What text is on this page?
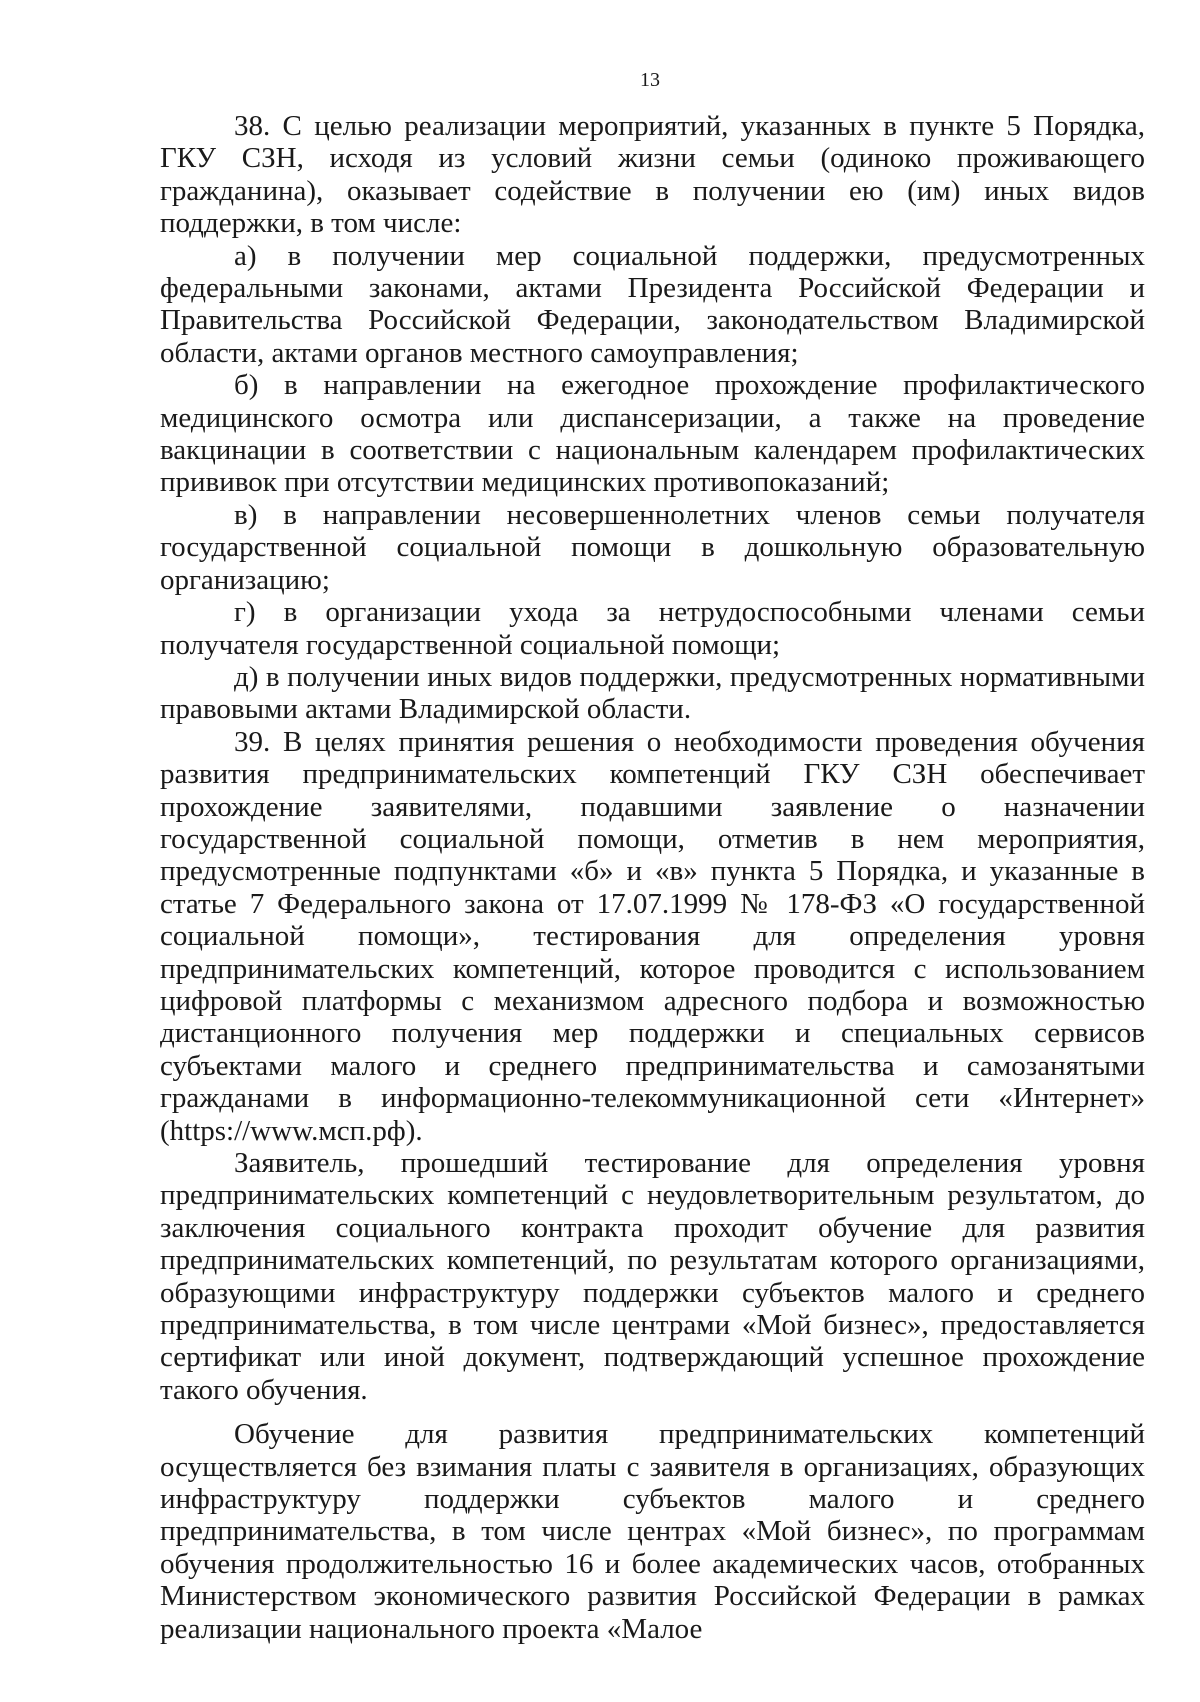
13

38. С целью реализации мероприятий, указанных в пункте 5 Порядка, ГКУ СЗН, исходя из условий жизни семьи (одиноко проживающего гражданина), оказывает содействие в получении ею (им) иных видов поддержки, в том числе:

а) в получении мер социальной поддержки, предусмотренных федеральными законами, актами Президента Российской Федерации и Правительства Российской Федерации, законодательством Владимирской области, актами органов местного самоуправления;

б) в направлении на ежегодное прохождение профилактического медицинского осмотра или диспансеризации, а также на проведение вакцинации в соответствии с национальным календарем профилактических прививок при отсутствии медицинских противопоказаний;

в) в направлении несовершеннолетних членов семьи получателя государственной социальной помощи в дошкольную образовательную организацию;

г) в организации ухода за нетрудоспособными членами семьи получателя государственной социальной помощи;

д) в получении иных видов поддержки, предусмотренных нормативными правовыми актами Владимирской области.

39. В целях принятия решения о необходимости проведения обучения развития предпринимательских компетенций ГКУ СЗН обеспечивает прохождение заявителями, подавшими заявление о назначении государственной социальной помощи, отметив в нем мероприятия, предусмотренные подпунктами «б» и «в» пункта 5 Порядка, и указанные в статье 7 Федерального закона от 17.07.1999 № 178-ФЗ «О государственной социальной помощи», тестирования для определения уровня предпринимательских компетенций, которое проводится с использованием цифровой платформы с механизмом адресного подбора и возможностью дистанционного получения мер поддержки и специальных сервисов субъектами малого и среднего предпринимательства и самозанятыми гражданами в информационно-телекоммуникационной сети «Интернет» (https://www.мсп.рф).

Заявитель, прошедший тестирование для определения уровня предпринимательских компетенций с неудовлетворительным результатом, до заключения социального контракта проходит обучение для развития предпринимательских компетенций, по результатам которого организациями, образующими инфраструктуру поддержки субъектов малого и среднего предпринимательства, в том числе центрами «Мой бизнес», предоставляется сертификат или иной документ, подтверждающий успешное прохождение такого обучения.

Обучение для развития предпринимательских компетенций осуществляется без взимания платы с заявителя в организациях, образующих инфраструктуру поддержки субъектов малого и среднего предпринимательства, в том числе центрах «Мой бизнес», по программам обучения продолжительностью 16 и более академических часов, отобранных Министерством экономического развития Российской Федерации в рамках реализации национального проекта «Малое
